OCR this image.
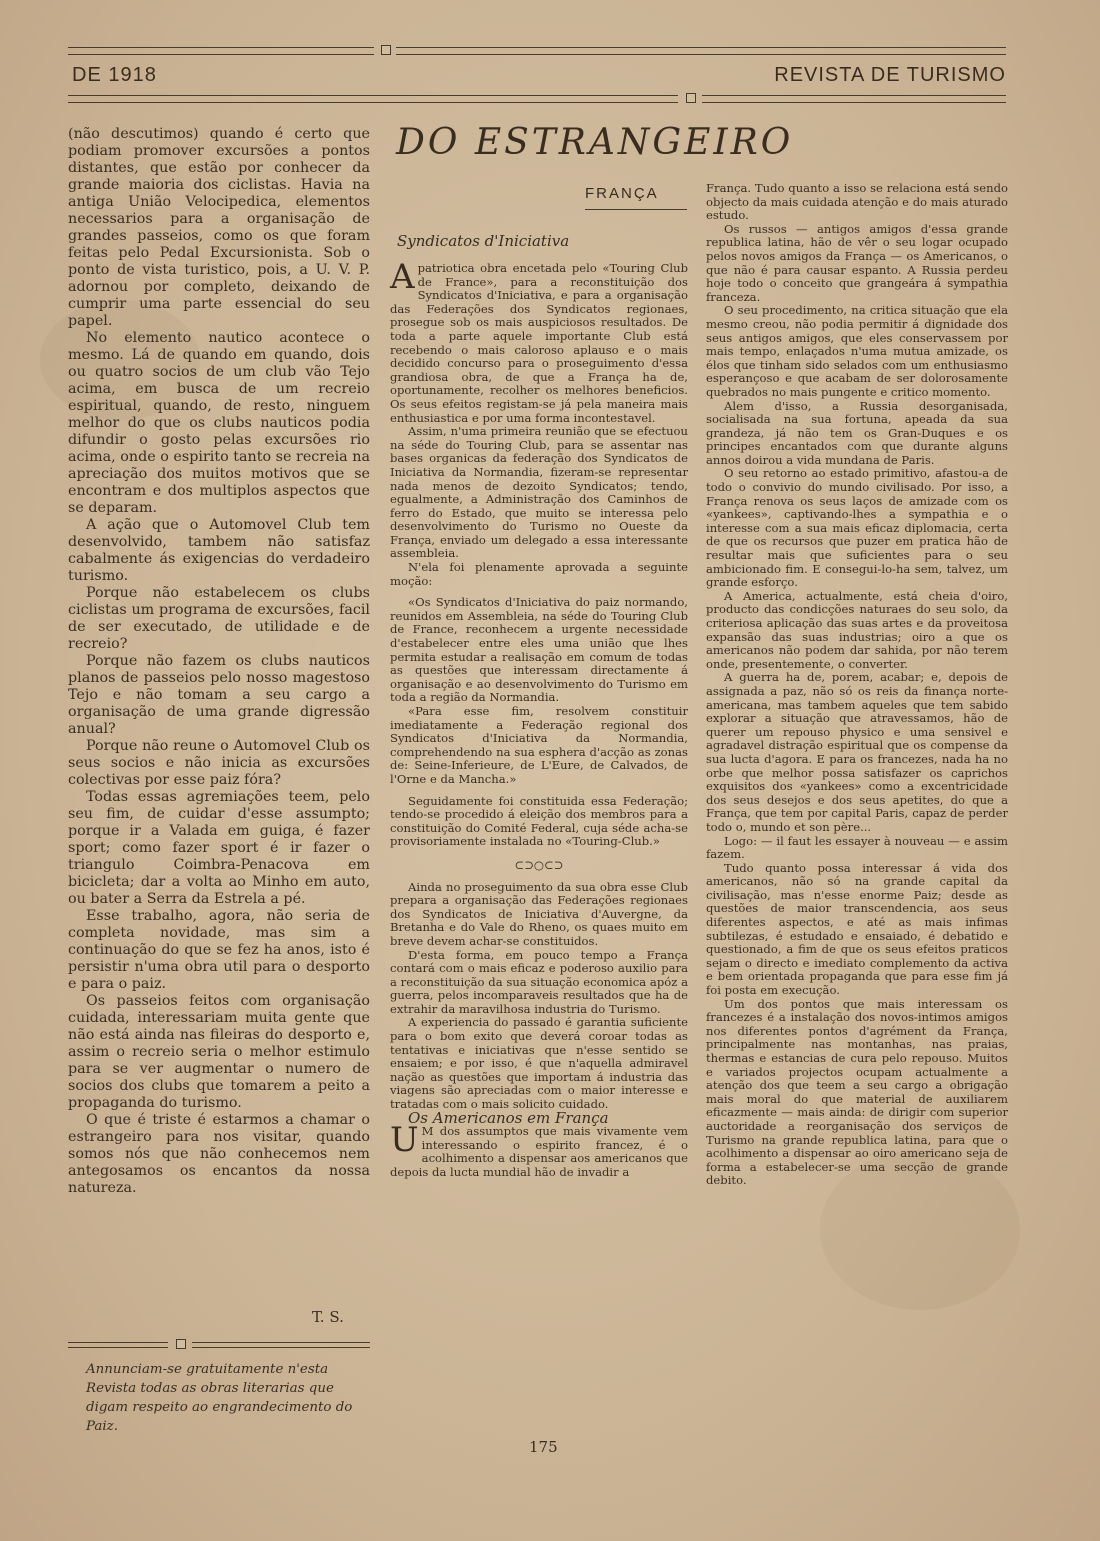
DE 1918	REVISTA DE TURISMO

(não descutimos) quando é certo que podiam promover excursões a pontos distantes, que estão por conhecer da grande maioria dos ciclistas. Havia na antiga União Velocipedica, elementos necessarios para a organisação de grandes passeios, como os que foram feitas pelo Pedal Excursionista. Sob o ponto de vista turistico, pois, a U. V. P. adornou por completo, deixando de cumprir uma parte essencial do seu papel.

No elemento nautico acontece o mesmo. Lá de quando em quando, dois ou quatro socios de um club vão Tejo acima, em busca de um recreio espiritual, quando, de resto, ninguem melhor do que os clubs nauticos podia difundir o gosto pelas excursões rio acima, onde o espirito tanto se recreia na apreciação dos muitos motivos que se encontram e dos multiplos aspectos que se deparam.

A ação que o Automovel Club tem desenvolvido, tambem não satisfaz cabalmente ás exigencias do verdadeiro turismo.

Porque não estabelecem os clubs ciclistas um programa de excursões, facil de ser executado, de utilidade e de recreio?

Porque não fazem os clubs nauticos planos de passeios pelo nosso magestoso Tejo e não tomam a seu cargo a organisação de uma grande digressão anual?

Porque não reune o Automovel Club os seus socios e não inicia as excursões colectivas por esse paiz fóra?

Todas essas agremiações teem, pelo seu fim, de cuidar d'esse assumpto; porque ir a Valada em guiga, é fazer sport; como fazer sport é ir fazer o triangulo Coimbra-Penacova em bicicleta; dar a volta ao Minho em auto, ou bater a Serra da Estrela a pé.

Esse trabalho, agora, não seria de completa novidade, mas sim a continuação do que se fez ha anos, isto é persistir n'uma obra util para o desporto e para o paiz.

Os passeios feitos com organisação cuidada, interessariam muita gente que não está ainda nas fileiras do desporto e, assim o recreio seria o melhor estimulo para se ver augmentar o numero de socios dos clubs que tomarem a peito a propaganda do turismo.

O que é triste é estarmos a chamar o estrangeiro para nos visitar, quando somos nós que não conhecemos nem antegosamos os encantos da nossa natureza.

T. S.
Annunciam-se gratuitamente n'esta Revista todas as obras literarias que digam respeito ao engrandecimento do Paiz.
DO ESTRANGEIRO
FRANÇA
Syndicatos d'Iniciativa

Apatriotica obra encetada pelo «Touring Club de France», para a reconstituição dos Syndicatos d'Iniciativa, e para a organisação das Federações dos Syndicatos regionaes, prosegue sob os mais auspiciosos resultados. De toda a parte aquele importante Club está recebendo o mais caloroso aplauso e o mais decidido concurso para o proseguimento d'essa grandiosa obra, de que a França ha de, oportunamente, recolher os melhores beneficios. Os seus efeitos registam-se já pela maneira mais enthusiastica e por uma forma incontestavel.

Assim, n'uma primeira reunião que se efectuou na séde do Touring Club, para se assentar nas bases organicas da federação dos Syndicatos de Iniciativa da Normandia, fizeram-se representar nada menos de dezoito Syndicatos; tendo, egualmente, a Administração dos Caminhos de ferro do Estado, que muito se interessa pelo desenvolvimento do Turismo no Oueste da França, enviado um delegado a essa interessante assembleia.

N'ela foi plenamente aprovada a seguinte moção:

«Os Syndicatos d'Iniciativa do paiz normando, reunidos em Assembleia, na séde do Touring Club de France, reconhecem a urgente necessidade d'estabelecer entre eles uma união que lhes permita estudar a realisação em comum de todas as questões que interessam directamente á organisação e ao desenvolvimento do Turismo em toda a região da Normandia.

«Para esse fim, resolvem constituir imediatamente a Federação regional dos Syndicatos d'Iniciativa da Normandia, comprehendendo na sua esphera d'acção as zonas de: Seine-Inferieure, de L'Eure, de Calvados, de l'Orne e da Mancha.»

Seguidamente foi constituida essa Federação; tendo-se procedido á eleição dos membros para a constituição do Comité Federal, cuja séde acha-se provisoriamente instalada no «Touring-Club.»

⊂⊃○⊂⊃

Ainda no proseguimento da sua obra esse Club prepara a organisação das Federações regionaes dos Syndicatos de Iniciativa d'Auvergne, da Bretanha e do Vale do Rheno, os quaes muito em breve devem achar-se constituidos.

D'esta forma, em pouco tempo a França contará com o mais eficaz e poderoso auxilio para a reconstituição da sua situação economica apóz a guerra, pelos incomparaveis resultados que ha de extrahir da maravilhosa industria do Turismo.

A experiencia do passado é garantia suficiente para o bom exito que deverá coroar todas as tentativas e iniciativas que n'esse sentido se ensaiem; e por isso, é que n'aquella admiravel nação as questões que importam á industria das viagens são apreciadas com o maior interesse e tratadas com o mais solicito cuidado.

Os Americanos em França

U M dos assumptos que mais vivamente vem interessando o espirito francez, é o acolhimento a dispensar aos americanos que depois da lucta mundial hão de invadir a

França. Tudo quanto a isso se relaciona está sendo objecto da mais cuidada atenção e do mais aturado estudo.

Os russos — antigos amigos d'essa grande republica latina, hão de vêr o seu logar ocupado pelos novos amigos da França — os Americanos, o que não é para causar espanto. A Russia perdeu hoje todo o conceito que grangeára á sympathia franceza.

O seu procedimento, na critica situação que ela mesmo creou, não podia permitir á dignidade dos seus antigos amigos, que eles conservassem por mais tempo, enlaçados n'uma mutua amizade, os élos que tinham sido selados com um enthusiasmo esperançoso e que acabam de ser dolorosamente quebrados no mais pungente e critico momento.

Alem d'isso, a Russia desorganisada, socialisada na sua fortuna, apeada da sua grandeza, já não tem os Gran-Duques e os principes encantados com que durante alguns annos doirou a vida mundana de Paris.

O seu retorno ao estado primitivo, afastou-a de todo o convivio do mundo civilisado. Por isso, a França renova os seus laços de amizade com os «yankees», captivando-lhes a sympathia e o interesse com a sua mais eficaz diplomacia, certa de que os recursos que puzer em pratica hão de resultar mais que suficientes para o seu ambicionado fim. E consegui-lo-ha sem, talvez, um grande esforço.

A America, actualmente, está cheia d'oiro, producto das condicções naturaes do seu solo, da criteriosa aplicação das suas artes e da proveitosa expansão das suas industrias; oiro a que os americanos não podem dar sahida, por não terem onde, presentemente, o converter.

A guerra ha de, porem, acabar; e, depois de assignada a paz, não só os reis da finança norte-americana, mas tambem aqueles que tem sabido explorar a situação que atravessamos, hão de querer um repouso physico e uma sensivel e agradavel distração espiritual que os compense da sua lucta d'agora. E para os francezes, nada ha no orbe que melhor possa satisfazer os caprichos exquisitos dos «yankees» como a excentricidade dos seus desejos e dos seus apetites, do que a França, que tem por capital Paris, capaz de perder todo o, mundo et son père...

Logo: — il faut les essayer à nouveau — e assim fazem.

Tudo quanto possa interessar á vida dos americanos, não só na grande capital da civilisação, mas n'esse enorme Paiz; desde as questões de maior transcendencia, aos seus diferentes aspectos, e até as mais infimas subtilezas, é estudado e ensaiado, é debatido e questionado, a fim de que os seus efeitos praticos sejam o directo e imediato complemento da activa e bem orientada propaganda que para esse fim já foi posta em execução.

Um dos pontos que mais interessam os francezes é a instalação dos novos-intimos amigos nos diferentes pontos d'agrément da França, principalmente nas montanhas, nas praias, thermas e estancias de cura pelo repouso. Muitos e variados projectos ocupam actualmente a atenção dos que teem a seu cargo a obrigação mais moral do que material de auxiliarem eficazmente — mais ainda: de dirigir com superior auctoridade a reorganisação dos serviços de Turismo na grande republica latina, para que o acolhimento a dispensar ao oiro americano seja de forma a estabelecer-se uma secção de grande debito.

175
